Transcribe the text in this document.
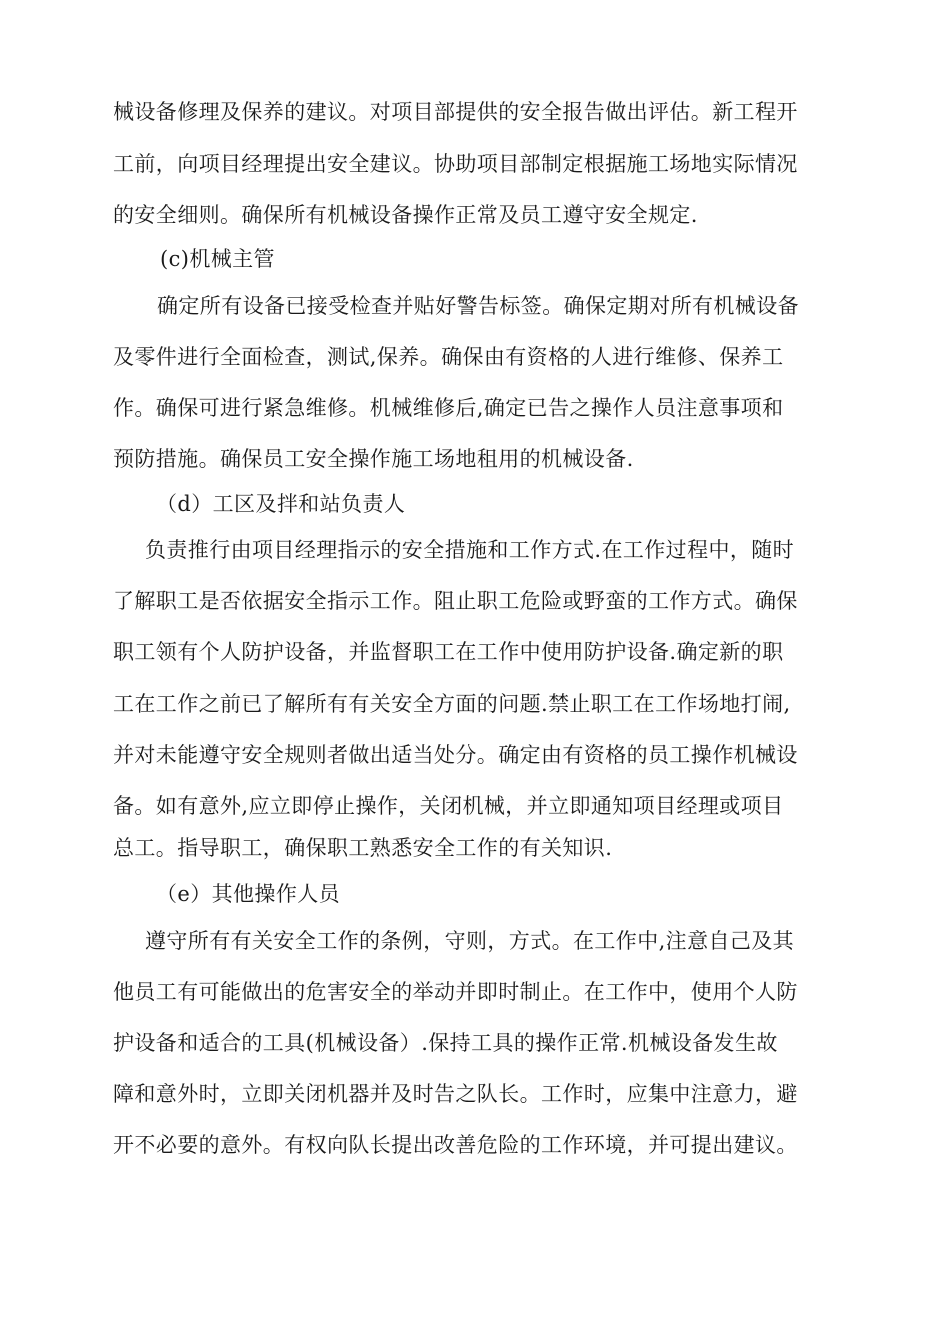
械设备修理及保养的建议。对项目部提供的安全报告做出评估。新工程开
工前，向项目经理提出安全建议。协助项目部制定根据施工场地实际情况
的安全细则。确保所有机械设备操作正常及员工遵守安全规定.
(c)机械主管
确定所有设备已接受检查并贴好警告标签。确保定期对所有机械设备
及零件进行全面检查，测试,保养。确保由有资格的人进行维修、保养工
作。确保可进行紧急维修。机械维修后,确定已告之操作人员注意事项和
预防措施。确保员工安全操作施工场地租用的机械设备.
（d）工区及拌和站负责人
负责推行由项目经理指示的安全措施和工作方式.在工作过程中，随时
了解职工是否依据安全指示工作。阻止职工危险或野蛮的工作方式。确保
职工领有个人防护设备，并监督职工在工作中使用防护设备.确定新的职
工在工作之前已了解所有有关安全方面的问题.禁止职工在工作场地打闹,
并对未能遵守安全规则者做出适当处分。确定由有资格的员工操作机械设
备。如有意外,应立即停止操作，关闭机械，并立即通知项目经理或项目
总工。指导职工，确保职工熟悉安全工作的有关知识.
（e）其他操作人员
遵守所有有关安全工作的条例，守则，方式。在工作中,注意自己及其
他员工有可能做出的危害安全的举动并即时制止。在工作中，使用个人防
护设备和适合的工具(机械设备）.保持工具的操作正常.机械设备发生故
障和意外时，立即关闭机器并及时告之队长。工作时，应集中注意力，避
开不必要的意外。有权向队长提出改善危险的工作环境，并可提出建议。
